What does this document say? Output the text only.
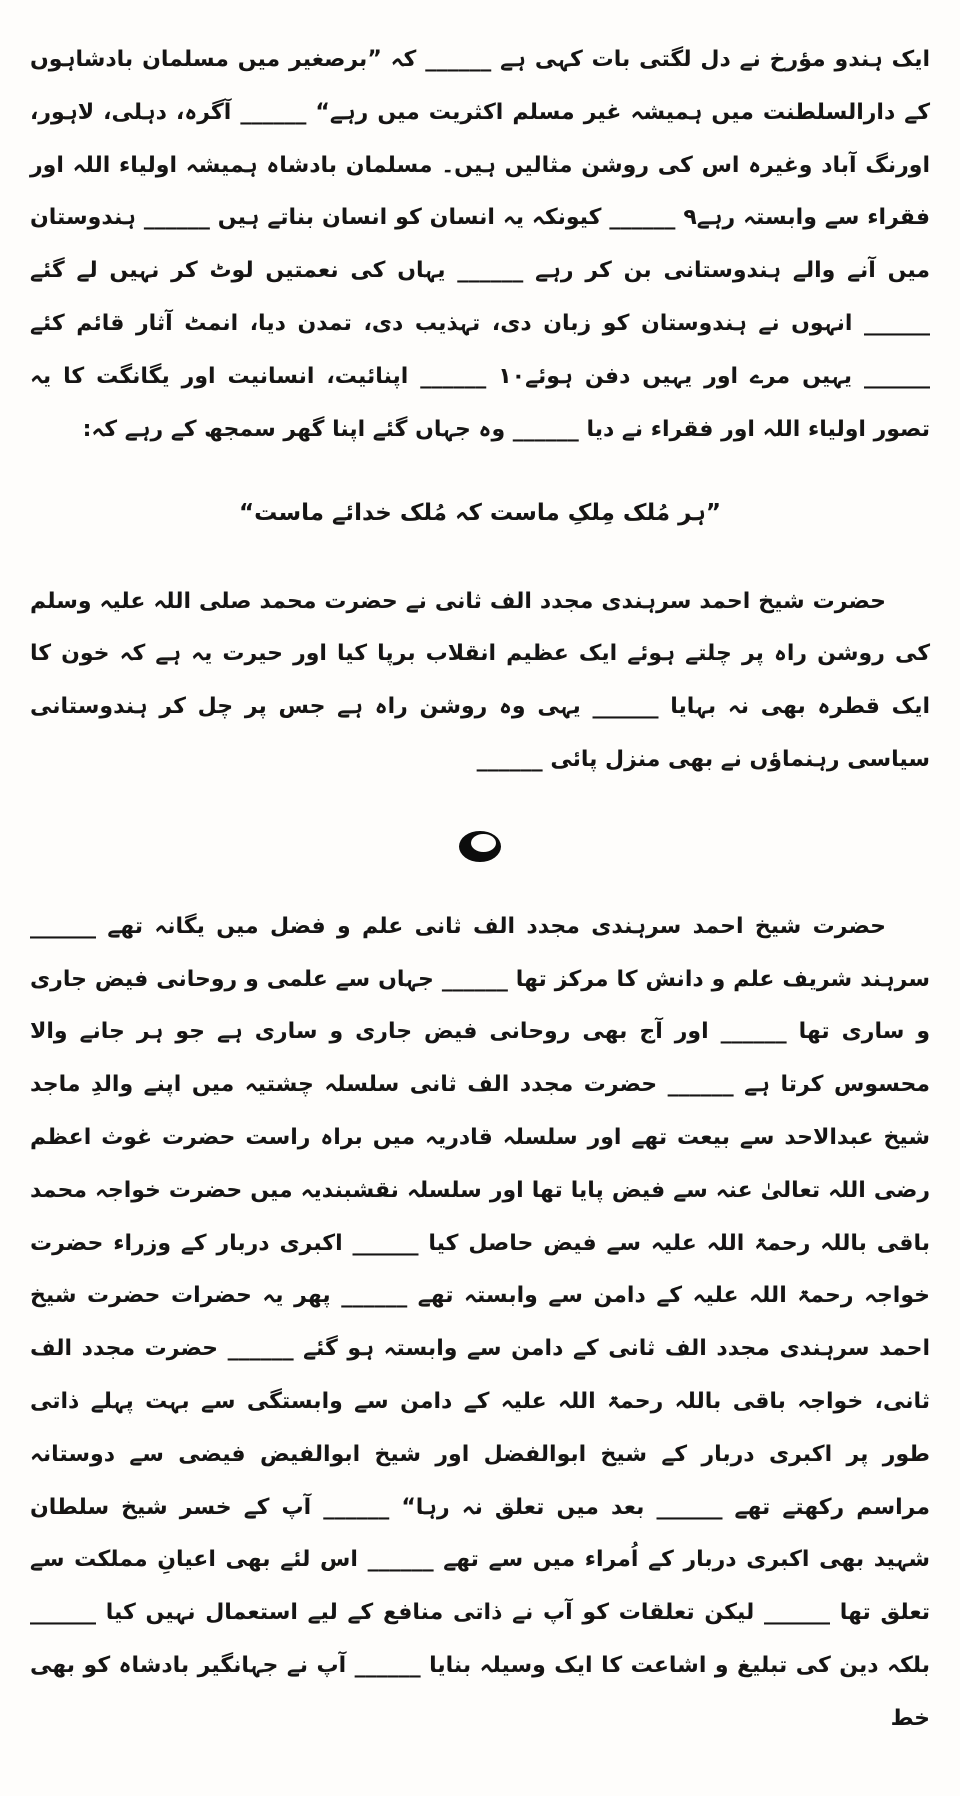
ایک ہندو مؤرخ نے دل لگتی بات کہی ہے ______ کہ ”برصغیر میں مسلمان بادشاہوں کے دارالسلطنت میں ہمیشہ غیر مسلم اکثریت میں رہے“ ______ آگرہ، دہلی، لاہور، اورنگ آباد وغیرہ اس کی روشن مثالیں ہیں۔ مسلمان بادشاہ ہمیشہ اولیاء اللہ اور فقراء سے وابستہ رہے۹ ______ کیونکہ یہ انسان کو انسان بناتے ہیں ______ ہندوستان میں آنے والے ہندوستانی بن کر رہے ______ یہاں کی نعمتیں لوٹ کر نہیں لے گئے ______ انہوں نے ہندوستان کو زبان دی، تہذیب دی، تمدن دیا، انمٹ آثار قائم کئے ______ یہیں مرے اور یہیں دفن ہوئے۱۰ ______ اپنائیت، انسانیت اور یگانگت کا یہ تصور اولیاء اللہ اور فقراء نے دیا ______ وہ جہاں گئے اپنا گھر سمجھ کے رہے کہ:

”ہر مُلک مِلکِ ماست کہ مُلک خدائے ماست“

حضرت شیخ احمد سرہندی مجدد الف ثانی نے حضرت محمد صلی اللہ علیہ وسلم کی روشن راہ پر چلتے ہوئے ایک عظیم انقلاب برپا کیا اور حیرت یہ ہے کہ خون کا ایک قطرہ بھی نہ بہایا ______ یہی وہ روشن راہ ہے جس پر چل کر ہندوستانی سیاسی رہنماؤں نے بھی منزل پائی ______

حضرت شیخ احمد سرہندی مجدد الف ثانی علم و فضل میں یگانہ تھے ______ سرہند شریف علم و دانش کا مرکز تھا ______ جہاں سے علمی و روحانی فیض جاری و ساری تھا ______ اور آج بھی روحانی فیض جاری و ساری ہے جو ہر جانے والا محسوس کرتا ہے ______ حضرت مجدد الف ثانی سلسلہ چشتیہ میں اپنے والدِ ماجد شیخ عبدالاحد سے بیعت تھے اور سلسلہ قادریہ میں براہ راست حضرت غوث اعظم رضی اللہ تعالیٰ عنہ سے فیض پایا تھا اور سلسلہ نقشبندیہ میں حضرت خواجہ محمد باقی باللہ رحمۃ اللہ علیہ سے فیض حاصل کیا ______ اکبری دربار کے وزراء حضرت خواجہ رحمۃ اللہ علیہ کے دامن سے وابستہ تھے ______ پھر یہ حضرات حضرت شیخ احمد سرہندی مجدد الف ثانی کے دامن سے وابستہ ہو گئے ______ حضرت مجدد الف ثانی، خواجہ باقی باللہ رحمۃ اللہ علیہ کے دامن سے وابستگی سے بہت پہلے ذاتی طور پر اکبری دربار کے شیخ ابوالفضل اور شیخ ابوالفیض فیضی سے دوستانہ مراسم رکھتے تھے ______ بعد میں تعلق نہ رہا“ ______ آپ کے خسر شیخ سلطان شہید بھی اکبری دربار کے اُمراء میں سے تھے ______ اس لئے بھی اعیانِ مملکت سے تعلق تھا ______ لیکن تعلقات کو آپ نے ذاتی منافع کے لیے استعمال نہیں کیا ______ بلکہ دین کی تبلیغ و اشاعت کا ایک وسیلہ بنایا ______ آپ نے جہانگیر بادشاہ کو بھی خط
